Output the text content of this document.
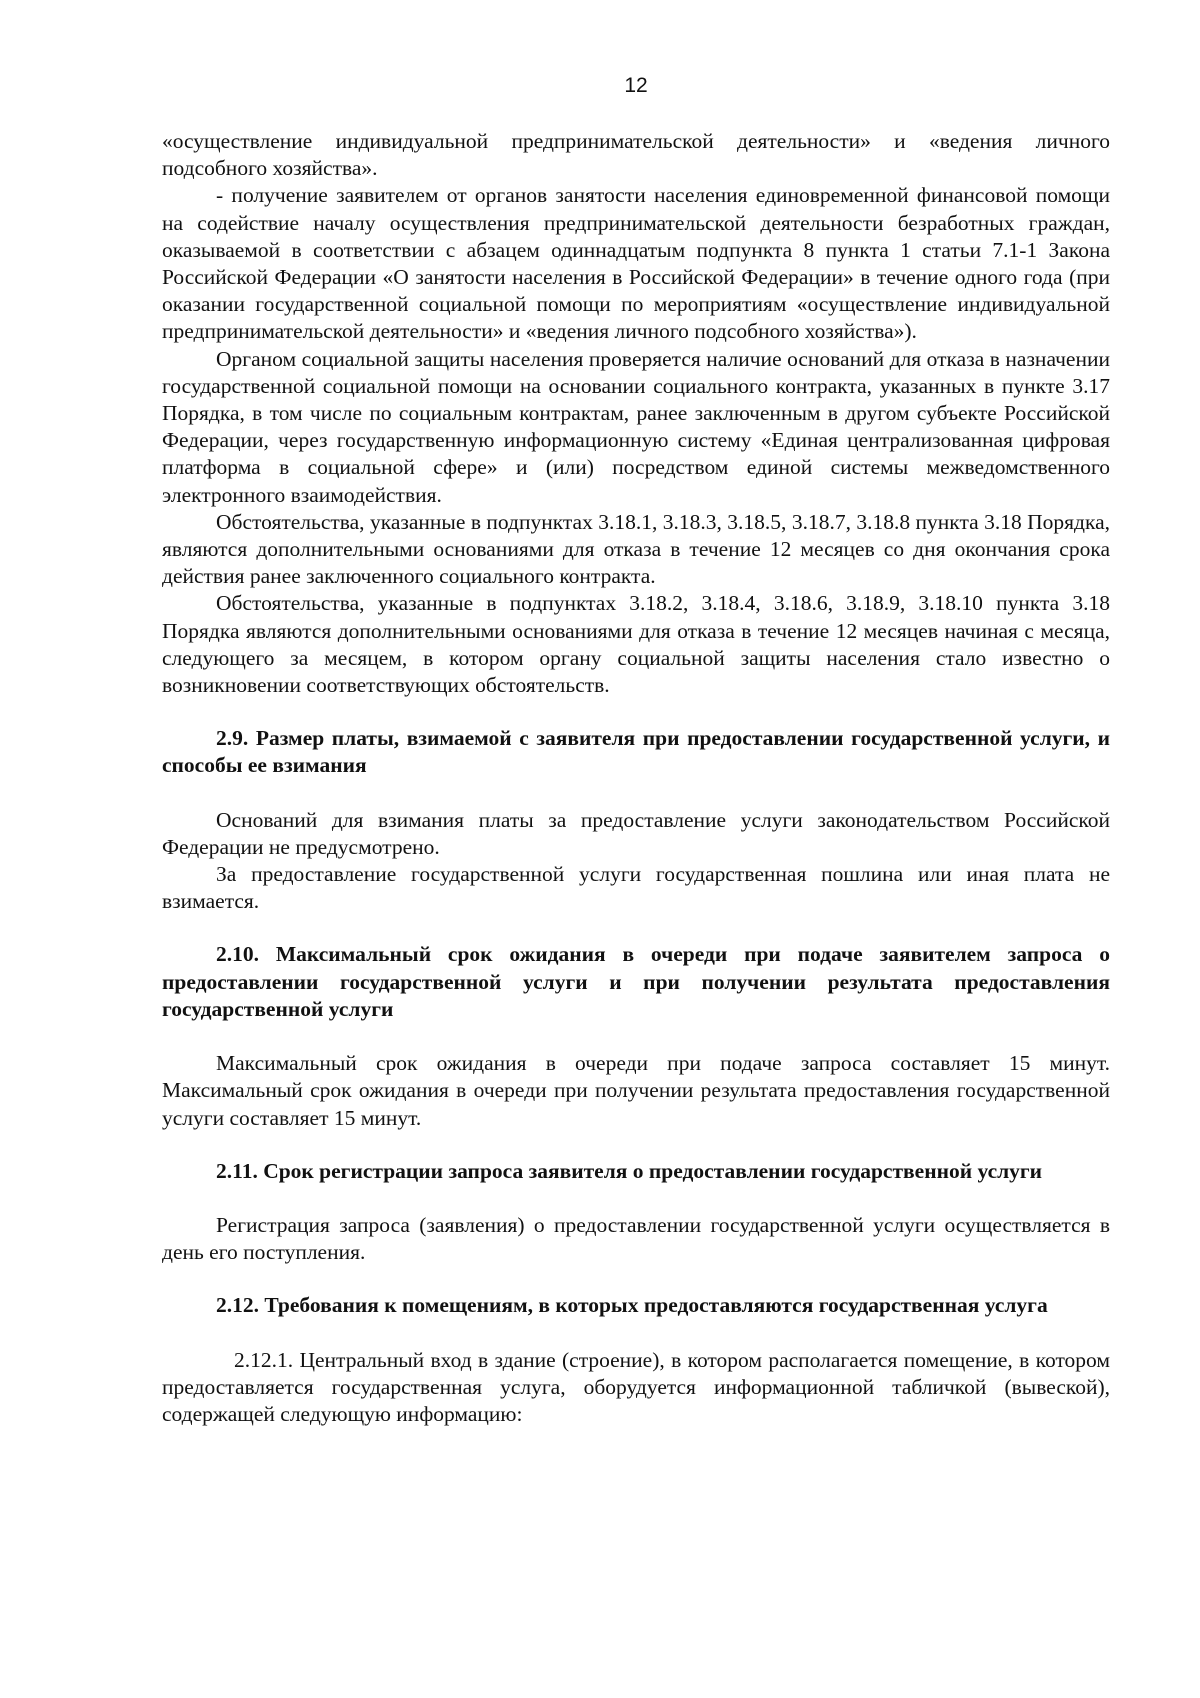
12

«осуществление индивидуальной предпринимательской деятельности» и «ведения личного подсобного хозяйства».

- получение заявителем от органов занятости населения единовременной финансовой помощи на содействие началу осуществления предпринимательской деятельности безработных граждан, оказываемой в соответствии с абзацем одиннадцатым подпункта 8 пункта 1 статьи 7.1-1 Закона Российской Федерации «О занятости населения в Российской Федерации» в течение одного года (при оказании государственной социальной помощи по мероприятиям «осуществление индивидуальной предпринимательской деятельности» и «ведения личного подсобного хозяйства»).

Органом социальной защиты населения проверяется наличие оснований для отказа в назначении государственной социальной помощи на основании социального контракта, указанных в пункте 3.17 Порядка, в том числе по социальным контрактам, ранее заключенным в другом субъекте Российской Федерации, через государственную информационную систему «Единая централизованная цифровая платформа в социальной сфере» и (или) посредством единой системы межведомственного электронного взаимодействия.

Обстоятельства, указанные в подпунктах 3.18.1, 3.18.3, 3.18.5, 3.18.7, 3.18.8 пункта 3.18 Порядка, являются дополнительными основаниями для отказа в течение 12 месяцев со дня окончания срока действия ранее заключенного социального контракта.

Обстоятельства, указанные в подпунктах 3.18.2, 3.18.4, 3.18.6, 3.18.9, 3.18.10 пункта 3.18 Порядка являются дополнительными основаниями для отказа в течение 12 месяцев начиная с месяца, следующего за месяцем, в котором органу социальной защиты населения стало известно о возникновении соответствующих обстоятельств.

2.9. Размер платы, взимаемой с заявителя при предоставлении государственной услуги, и способы ее взимания

Оснований для взимания платы за предоставление услуги законодательством Российской Федерации не предусмотрено.

За предоставление государственной услуги государственная пошлина или иная плата не взимается.

2.10. Максимальный срок ожидания в очереди при подаче заявителем запроса о предоставлении государственной услуги и при получении результата предоставления государственной услуги

Максимальный срок ожидания в очереди при подаче запроса составляет 15 минут. Максимальный срок ожидания в очереди при получении результата предоставления государственной услуги составляет 15 минут.

2.11. Срок регистрации запроса заявителя о предоставлении государственной услуги

Регистрация запроса (заявления) о предоставлении государственной услуги осуществляется в день его поступления.

2.12. Требования к помещениям, в которых предоставляются государственная услуга

2.12.1. Центральный вход в здание (строение), в котором располагается помещение, в котором предоставляется государственная услуга, оборудуется информационной табличкой (вывеской), содержащей следующую информацию:
